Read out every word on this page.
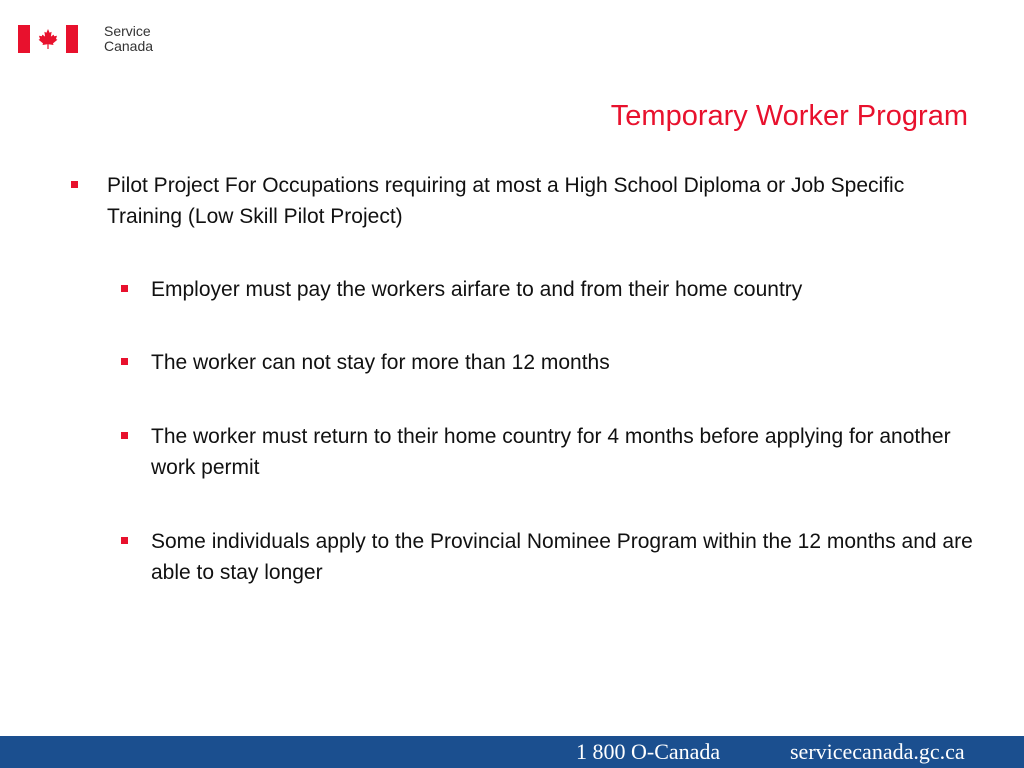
Service
Canada
Temporary Worker Program
Pilot Project For Occupations requiring at most a High School Diploma or Job Specific Training (Low Skill Pilot Project)
Employer must pay the workers airfare to and from their home country
The worker can not stay for more than 12 months
The worker must return to their home country for 4 months before applying for another work permit
Some individuals apply to the Provincial Nominee Program within the 12 months and are able to stay longer
1 800 O-Canada	servicecanada.gc.ca
